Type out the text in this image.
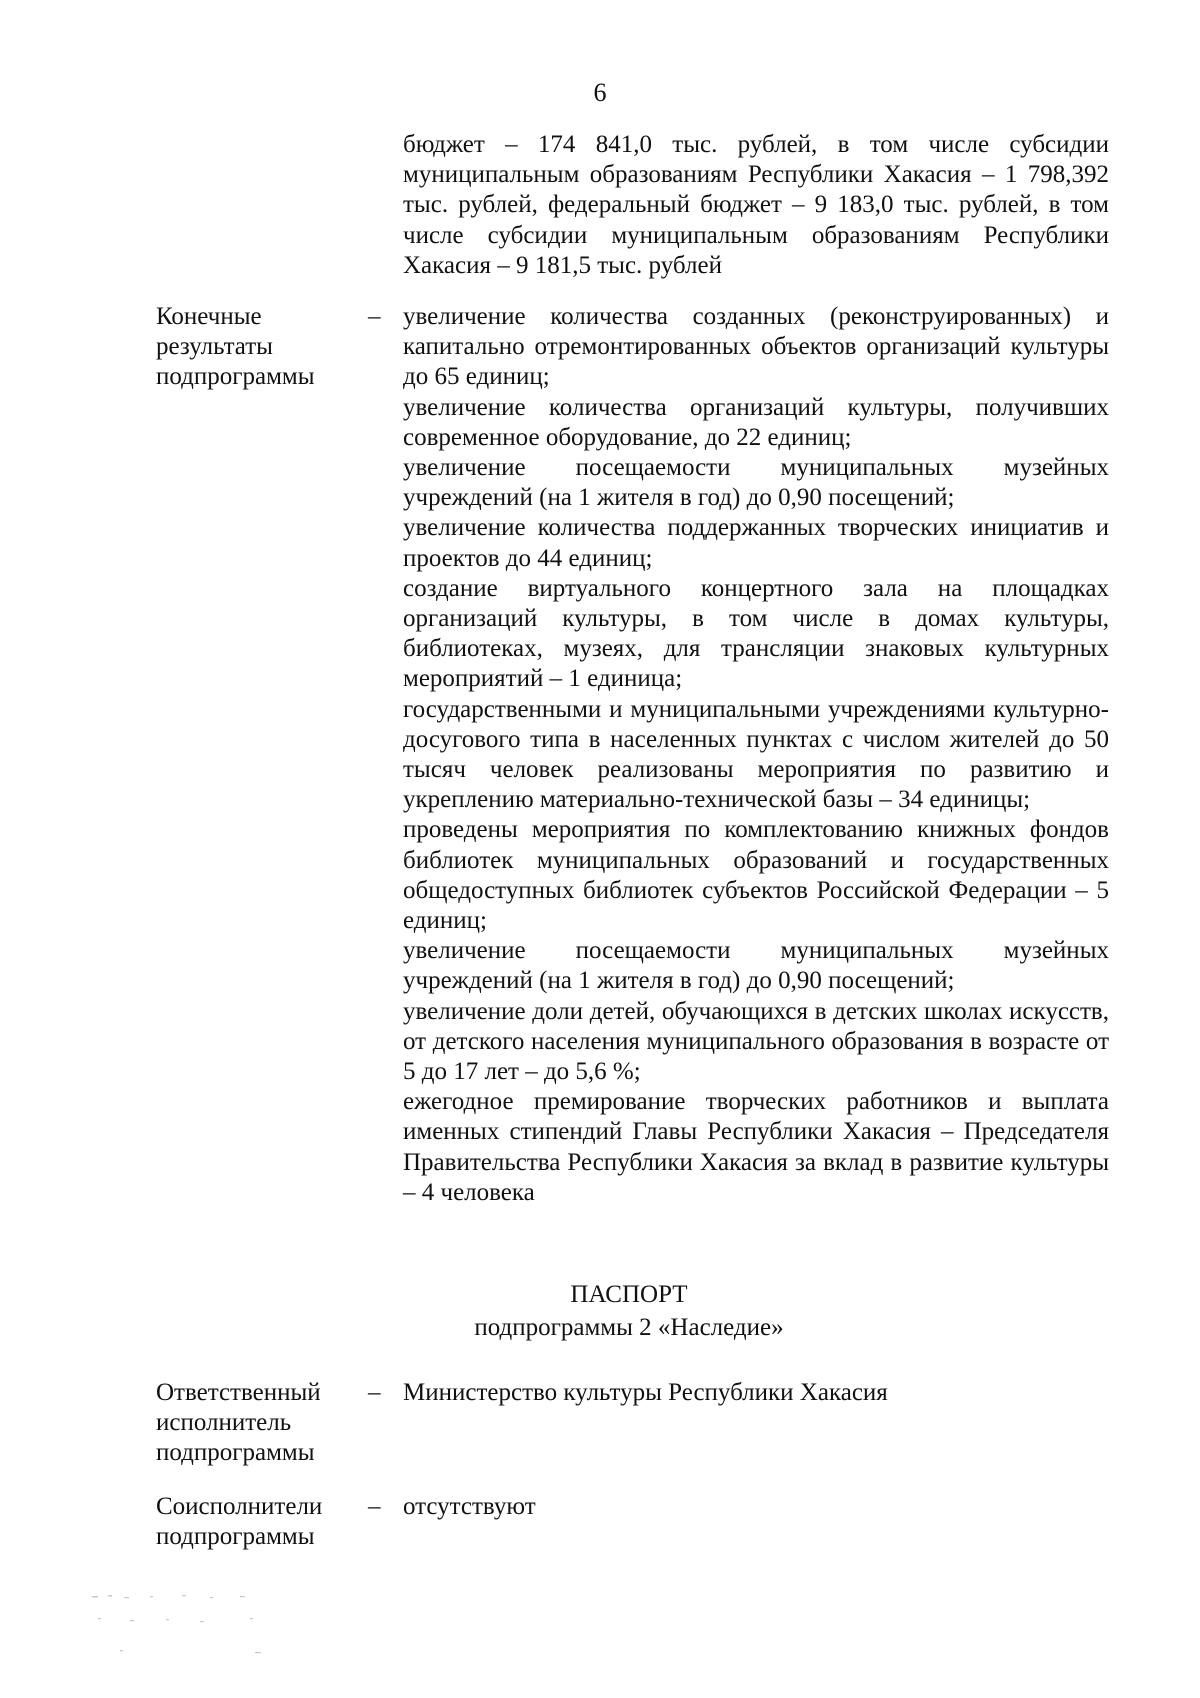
6

бюджет – 174 841,0 тыс. рублей, в том числе субсидии муниципальным образованиям Республики Хакасия – 1 798,392 тыс. рублей, федеральный бюджет – 9 183,0 тыс. рублей, в том числе субсидии муниципальным образованиям Республики Хакасия – 9 181,5 тыс. рублей

Конечные
результаты
подпрограммы
– увеличение количества созданных (реконструированных) и капитально отремонтированных объектов организаций культуры до 65 единиц;

увеличение количества организаций культуры, получивших современное оборудование, до 22 единиц;

увеличение посещаемости муниципальных музейных учреждений (на 1 жителя в год) до 0,90 посещений;

увеличение количества поддержанных творческих инициатив и проектов до 44 единиц;

создание виртуального концертного зала на площадках организаций культуры, в том числе в домах культуры, библиотеках, музеях, для трансляции знаковых культурных мероприятий – 1 единица;

государственными и муниципальными учреждениями культурно-досугового типа в населенных пунктах с числом жителей до 50 тысяч человек реализованы мероприятия по развитию и укреплению материально-технической базы – 34 единицы;

проведены мероприятия по комплектованию книжных фондов библиотек муниципальных образований и государственных общедоступных библиотек субъектов Российской Федерации – 5 единиц;

увеличение посещаемости муниципальных музейных учреждений (на 1 жителя в год) до 0,90 посещений;

увеличение доли детей, обучающихся в детских школах искусств, от детского населения муниципального образования в возрасте от 5 до 17 лет – до 5,6 %;

ежегодное премирование творческих работников и выплата именных стипендий Главы Республики Хакасия – Председателя Правительства Республики Хакасия за вклад в развитие культуры – 4 человека

ПАСПОРТ
подпрограммы 2 «Наследие»
Ответственный
исполнитель
подпрограммы
– Министерство культуры Республики Хакасия

Соисполнители
подпрограммы
– отсутствуют
